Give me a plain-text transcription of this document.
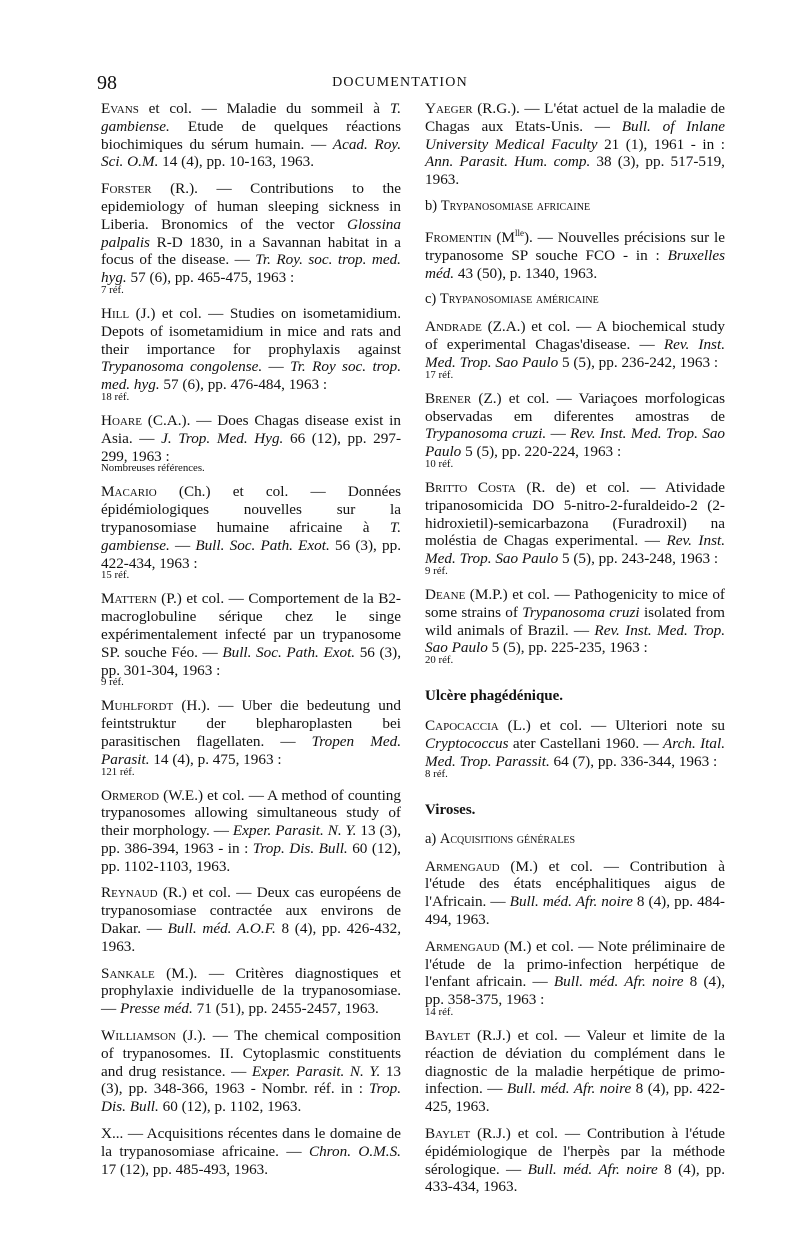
98	DOCUMENTATION

Evans et col. — Maladie du sommeil à T. gambiense. Etude de quelques réactions biochimiques du sérum humain. — Acad. Roy. Sci. O.M. 14 (4), pp. 10-163, 1963.

Forster (R.). — Contributions to the epidemiology of human sleeping sickness in Liberia. Bronomics of the vector Glossina palpalis R-D 1830, in a Savannan habitat in a focus of the disease. — Tr. Roy. soc. trop. med. hyg. 57 (6), pp. 465-475, 1963 :

7 réf.

Hill (J.) et col. — Studies on isometamidium. Depots of isometamidium in mice and rats and their importance for prophylaxis against Trypanosoma congolense. — Tr. Roy soc. trop. med. hyg. 57 (6), pp. 476-484, 1963 :

18 réf.

Hoare (C.A.). — Does Chagas disease exist in Asia. — J. Trop. Med. Hyg. 66 (12), pp. 297-299, 1963 :

Nombreuses références.

Macario (Ch.) et col. — Données épidémiologiques nouvelles sur la trypanosomiase humaine africaine à T. gambiense. — Bull. Soc. Path. Exot. 56 (3), pp. 422-434, 1963 :

15 réf.

Mattern (P.) et col. — Comportement de la B2-macroglobuline sérique chez le singe expérimentalement infecté par un trypanosome SP. souche Féo. — Bull. Soc. Path. Exot. 56 (3), pp. 301-304, 1963 :

9 réf.

Muhlfordt (H.). — Uber die bedeutung und feintstruktur der blepharoplasten bei parasitischen flagellaten. — Tropen Med. Parasit. 14 (4), p. 475, 1963 :

121 réf.

Ormerod (W.E.) et col. — A method of counting trypanosomes allowing simultaneous study of their morphology. — Exper. Parasit. N. Y. 13 (3), pp. 386-394, 1963 - in : Trop. Dis. Bull. 60 (12), pp. 1102-1103, 1963.

Reynaud (R.) et col. — Deux cas européens de trypanosomiase contractée aux environs de Dakar. — Bull. méd. A.O.F. 8 (4), pp. 426-432, 1963.

Sankale (M.). — Critères diagnostiques et prophylaxie individuelle de la trypanosomiase. — Presse méd. 71 (51), pp. 2455-2457, 1963.

Williamson (J.). — The chemical composition of trypanosomes. II. Cytoplasmic constituents and drug resistance. — Exper. Parasit. N. Y. 13 (3), pp. 348-366, 1963 - Nombr. réf. in : Trop. Dis. Bull. 60 (12), p. 1102, 1963.

X... — Acquisitions récentes dans le domaine de la trypanosomiase africaine. — Chron. O.M.S. 17 (12), pp. 485-493, 1963.

Yaeger (R.G.). — L'état actuel de la maladie de Chagas aux Etats-Unis. — Bull. of Inlane University Medical Faculty 21 (1), 1961 - in : Ann. Parasit. Hum. comp. 38 (3), pp. 517-519, 1963.

b) Trypanosomiase africaine

Fromentin $(M^{lle})$. — Nouvelles précisions sur le trypanosome SP souche FCO - in : Bruxelles méd. 43 (50), p. 1340, 1963.

c) Trypanosomiase américaine

Andrade (Z.A.) et col. — A biochemical study of experimental Chagas'disease. — Rev. Inst. Med. Trop. Sao Paulo 5 (5), pp. 236-242, 1963 :

17 réf.

Brener (Z.) et col. — Variaçoes morfologicas observadas em diferentes amostras de Trypanosoma cruzi. — Rev. Inst. Med. Trop. Sao Paulo 5 (5), pp. 220-224, 1963 :

10 réf.

Britto Costa (R. de) et col. — Atividade tripanosomicida DO 5-nitro-2-furaldeido-2 (2-hidroxietil)-semicarbazona (Furadroxil) na moléstia de Chagas experimental. — Rev. Inst. Med. Trop. Sao Paulo 5 (5), pp. 243-248, 1963 :

9 réf.

Deane (M.P.) et col. — Pathogenicity to mice of some strains of Trypanosoma cruzi isolated from wild animals of Brazil. — Rev. Inst. Med. Trop. Sao Paulo 5 (5), pp. 225-235, 1963 :

20 réf.
Ulcère phagédénique.

Capocaccia (L.) et col. — Ulteriori note su Cryptococcus ater Castellani 1960. — Arch. Ital. Med. Trop. Parassit. 64 (7), pp. 336-344, 1963 :

8 réf.
Viroses.
a) Acquisitions générales

Armengaud (M.) et col. — Contribution à l'étude des états encéphalitiques aigus de l'Africain. — Bull. méd. Afr. noire 8 (4), pp. 484-494, 1963.

Armengaud (M.) et col. — Note préliminaire de l'étude de la primo-infection herpétique de l'enfant africain. — Bull. méd. Afr. noire 8 (4), pp. 358-375, 1963 :

14 réf.

Baylet (R.J.) et col. — Valeur et limite de la réaction de déviation du complément dans le diagnostic de la maladie herpétique de primo-infection. — Bull. méd. Afr. noire 8 (4), pp. 422-425, 1963.

Baylet (R.J.) et col. — Contribution à l'étude épidémiologique de l'herpès par la méthode sérologique. — Bull. méd. Afr. noire 8 (4), pp. 433-434, 1963.
